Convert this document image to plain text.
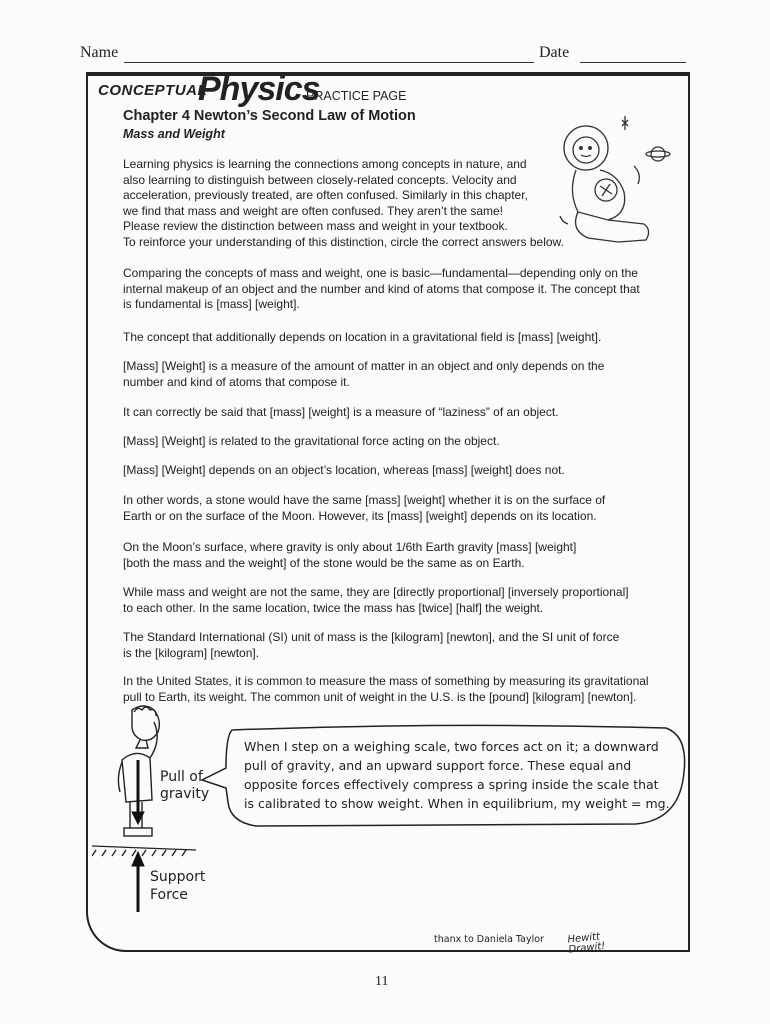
Name	Date
CONCEPTUAL
Physics
PRACTICE PAGE
Chapter 4 Newton’s Second Law of Motion
Mass and Weight
Learning physics is learning the connections among concepts in nature, and
also learning to distinguish between closely-related concepts. Velocity and
acceleration, previously treated, are often confused. Similarly in this chapter,
we find that mass and weight are often confused. They aren’t the same!
Please review the distinction between mass and weight in your textbook.
To reinforce your understanding of this distinction, circle the correct answers below.

Comparing the concepts of mass and weight, one is basic—fundamental—depending only on the

internal makeup of an object and the number and kind of atoms that compose it. The concept that

is fundamental is [mass] [weight].

The concept that additionally depends on location in a gravitational field is [mass] [weight].

[Mass] [Weight] is a measure of the amount of matter in an object and only depends on the

number and kind of atoms that compose it.

It can correctly be said that [mass] [weight] is a measure of “laziness” of an object.

[Mass] [Weight] is related to the gravitational force acting on the object.

[Mass] [Weight] depends on an object’s location, whereas [mass] [weight] does not.

In other words, a stone would have the same [mass] [weight] whether it is on the surface of

Earth or on the surface of the Moon. However, its [mass] [weight] depends on its location.

On the Moon’s surface, where gravity is only about 1/6th Earth gravity [mass] [weight]

[both the mass and the weight] of the stone would be the same as on Earth.

While mass and weight are not the same, they are [directly proportional] [inversely proportional]

to each other. In the same location, twice the mass has [twice] [half] the weight.

The Standard International (SI) unit of mass is the [kilogram] [newton], and the SI unit of force

is the [kilogram] [newton].

In the United States, it is common to measure the mass of something by measuring its gravitational

pull to Earth, its weight. The common unit of weight in the U.S. is the [pound] [kilogram] [newton].

When I step on a weighing scale, two forces act on it; a downward
pull of gravity, and an upward support force. These equal and
opposite forces effectively compress a spring inside the scale that
is calibrated to show weight. When in equilibrium, my weight = mg.
Pull of
gravity
Support
Force
thanx to Daniela Taylor Hewitt Drawit!
11
